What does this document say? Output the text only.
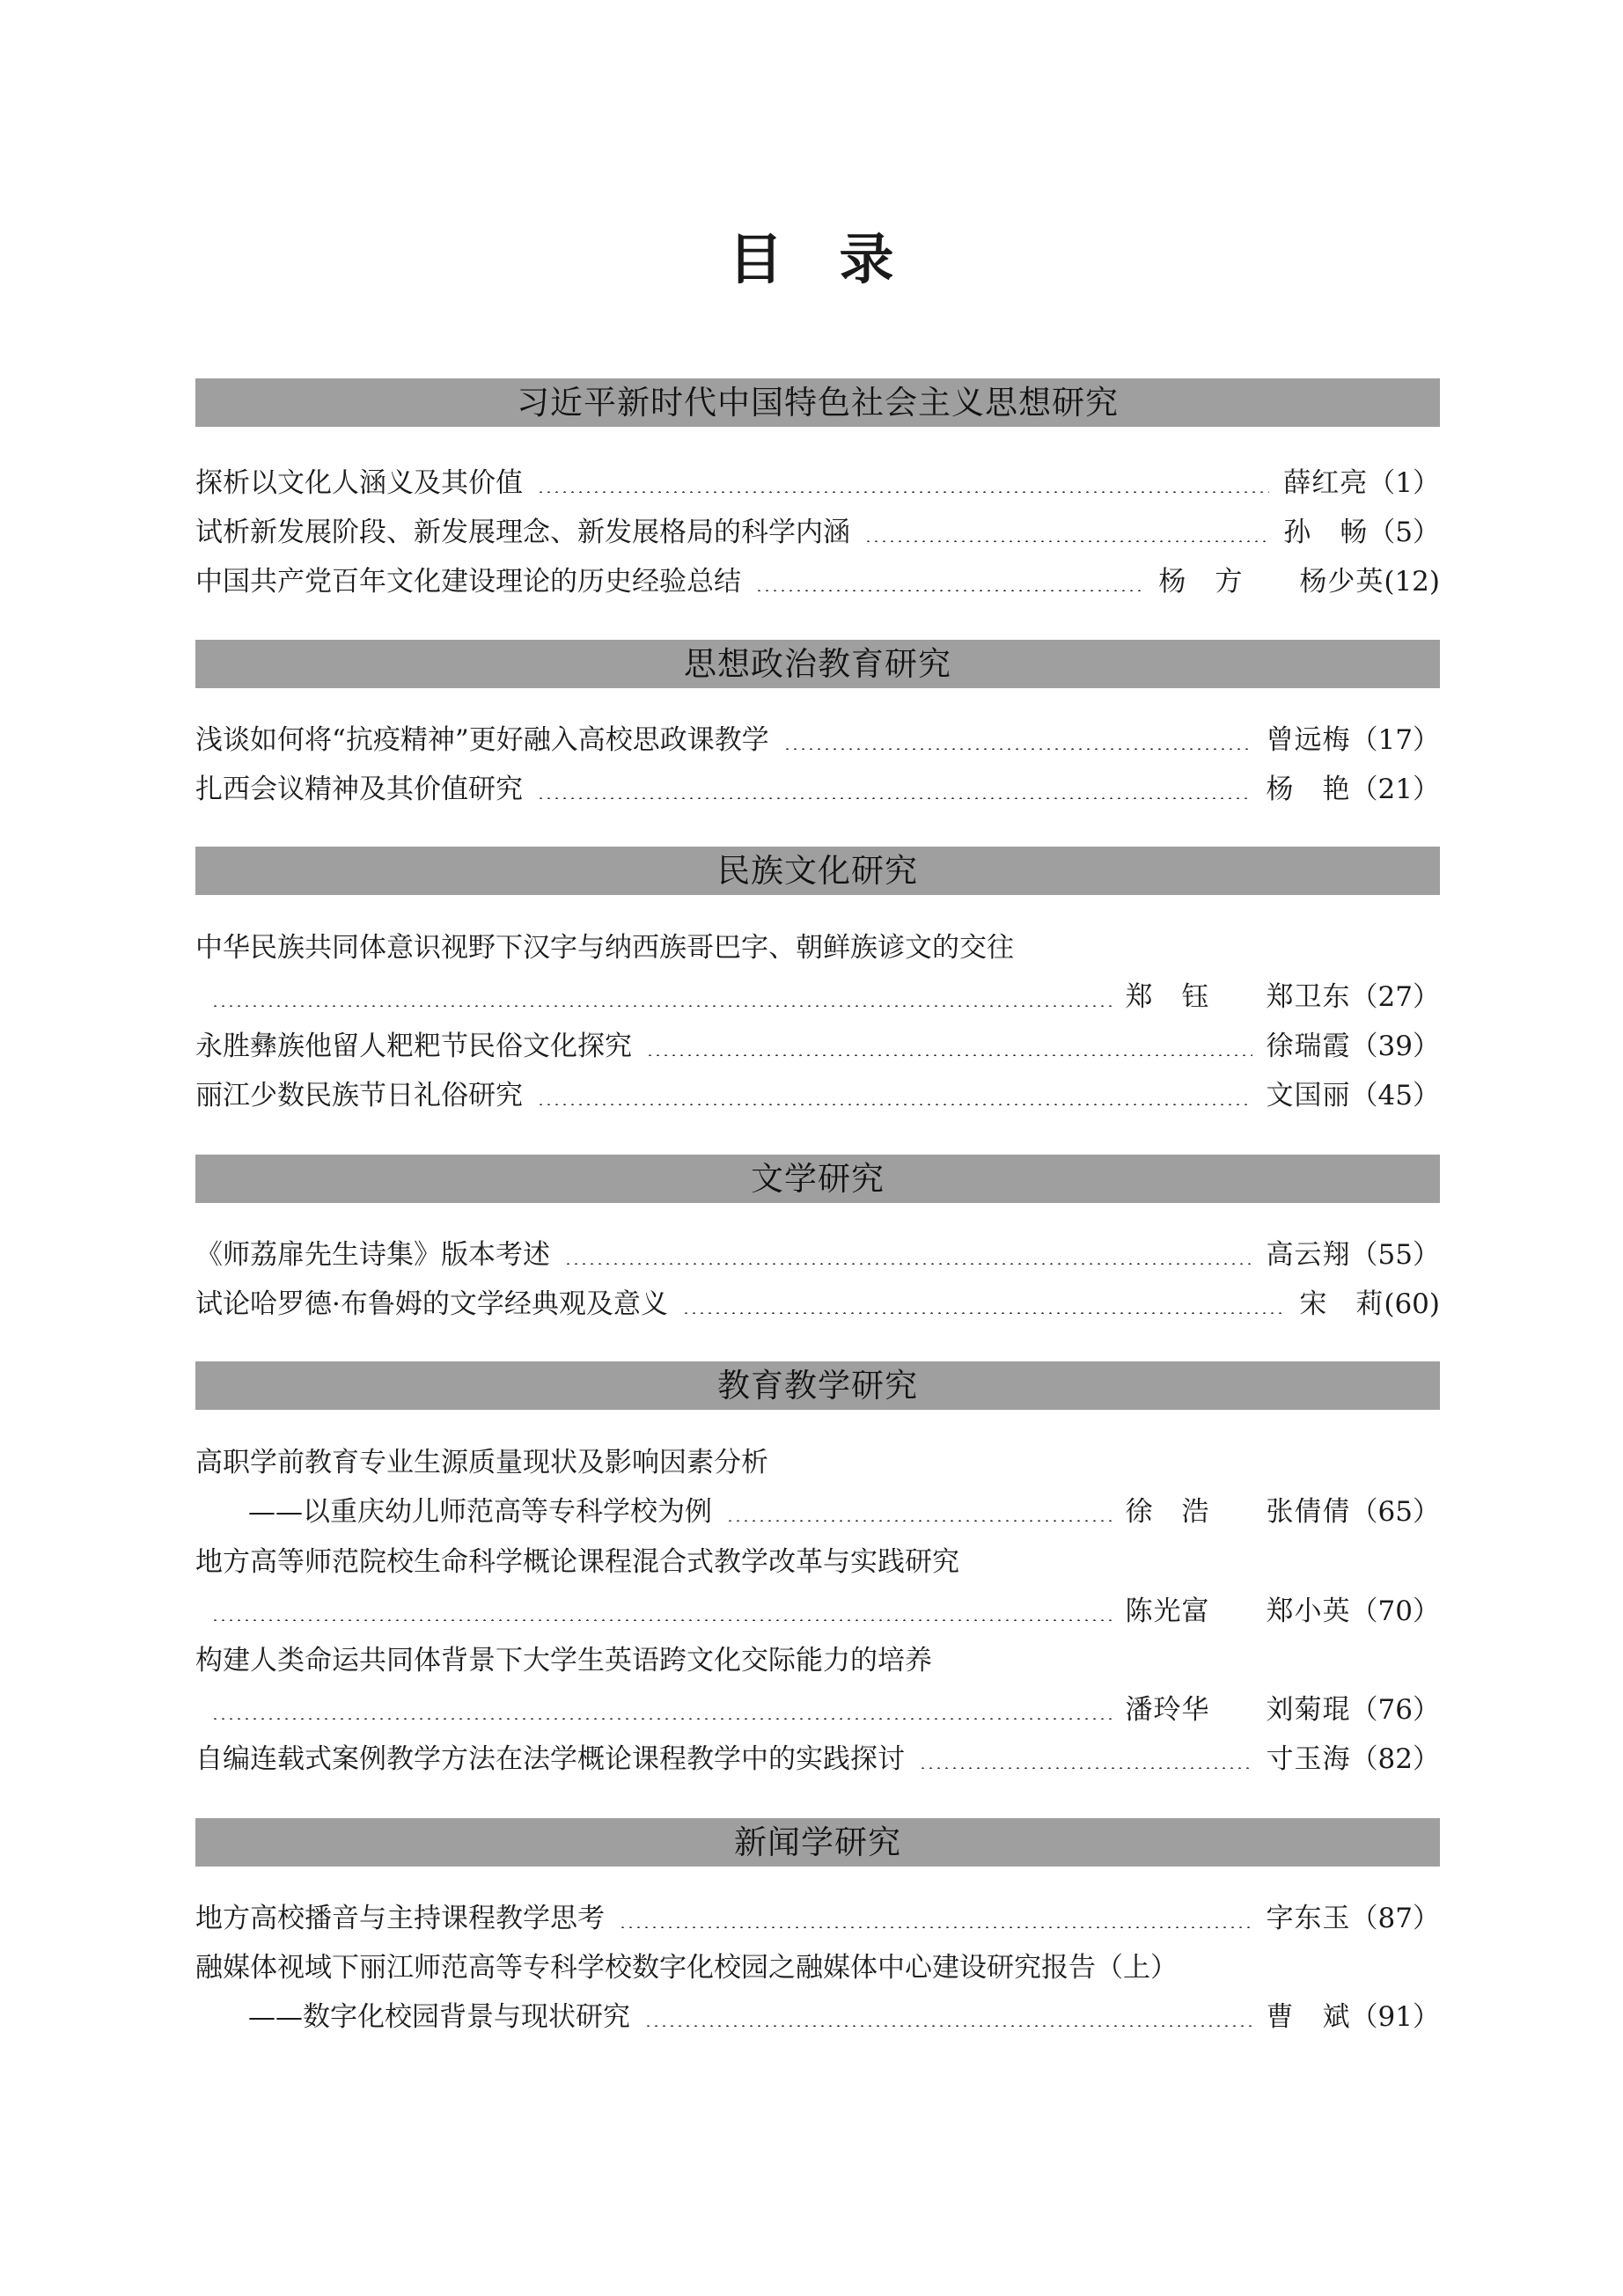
目　录
习近平新时代中国特色社会主义思想研究
探析以文化人涵义及其价值	薛红亮 （1）
试析新发展阶段、新发展理念、新发展格局的科学内涵	孙　畅 （5）
中国共产党百年文化建设理论的历史经验总结	杨　方　　杨少英 (12)
思想政治教育研究
浅谈如何将“抗疫精神”更好融入高校思政课教学	曾远梅 （17）
扎西会议精神及其价值研究	杨　艳 （21）
民族文化研究
中华民族共同体意识视野下汉字与纳西族哥巴字、朝鲜族谚文的交往
郑　钰　　郑卫东 （27）
永胜彝族他留人粑粑节民俗文化探究	徐瑞霞 （39）
丽江少数民族节日礼俗研究	文国丽 （45）
文学研究
《师荔扉先生诗集》版本考述	高云翔 （55）
试论哈罗德·布鲁姆的文学经典观及意义	宋　莉 (60)
教育教学研究
高职学前教育专业生源质量现状及影响因素分析
——以重庆幼儿师范高等专科学校为例	徐　浩　　张倩倩 （65）
地方高等师范院校生命科学概论课程混合式教学改革与实践研究
陈光富　　郑小英 （70）
构建人类命运共同体背景下大学生英语跨文化交际能力的培养
潘玲华　　刘菊琨 （76）
自编连载式案例教学方法在法学概论课程教学中的实践探讨	寸玉海 （82）
新闻学研究
地方高校播音与主持课程教学思考	字东玉 （87）
融媒体视域下丽江师范高等专科学校数字化校园之融媒体中心建设研究报告（上）
——数字化校园背景与现状研究	曹　斌 （91）
